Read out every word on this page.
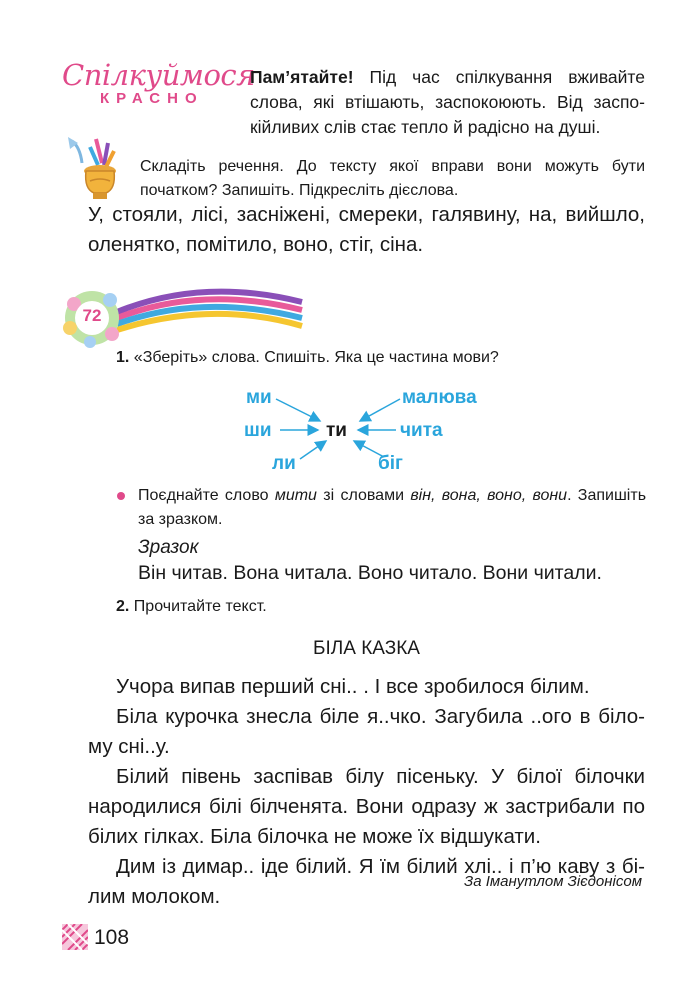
Спілкуймося
КРАСНО
Пам’ятайте! Під час спілкування вживайте слова, які втішають, заспокоюють. Від заспо-кійливих слів стає тепло й радісно на душі.
Складіть речення. До тексту якої вправи вони можуть бути початком? Запишіть. Підкресліть дієслова.
У, стояли, лісі, засніжені, смереки, галявину, на, вийшло, оленятко, помітило, воно, стіг, сіна.
72
1. «Зберіть» слова. Спишіть. Яка це частина мови?
ми
ши
ли
ти
малюва
чита
біг
Поєднайте слово мити зі словами він, вона, воно, вони. Запишіть за зразком.
Зразок
Він читав. Вона читала. Воно читало. Вони читали.
2. Прочитайте текст.
БІЛА КАЗКА

Учора випав перший сні.. . І все зробилося білим.

Біла курочка знесла біле я..чко. Загубила ..ого в біло-му сні..у.

Білий півень заспівав білу пісеньку. У білої білочки народилися білі білченята. Вони одразу ж застрибали по білих гілках. Біла білочка не може їх відшукати.

Дим із димар.. іде білий. Я їм білий хлі.. і п’ю каву з бі-лим молоком.

За Іманутлом Зієдонісом
108
